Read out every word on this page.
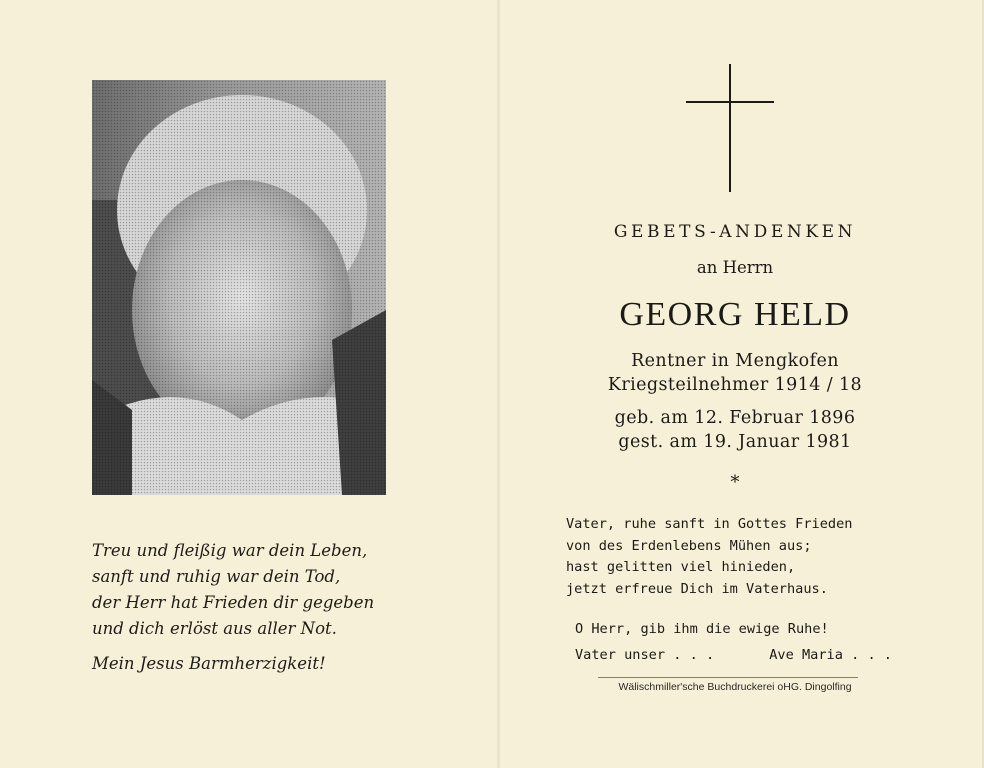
Treu und fleißig war dein Leben,
sanft und ruhig war dein Tod,
der Herr hat Frieden dir gegeben
und dich erlöst aus aller Not.
Mein Jesus Barmherzigkeit!
GEBETS-ANDENKEN
an Herrn
GEORG HELD
Rentner in Mengkofen
Kriegsteilnehmer 1914 / 18
geb. am 12. Februar 1896
gest. am 19. Januar 1981
*
Vater, ruhe sanft in Gottes Frieden
von des Erdenlebens Mühen aus;
hast gelitten viel hinieden,
jetzt erfreue Dich im Vaterhaus.
O Herr, gib ihm die ewige Ruhe!
Vater unser . . .	Ave Maria . . .
Wälischmiller'sche Buchdruckerei oHG. Dingolfing
